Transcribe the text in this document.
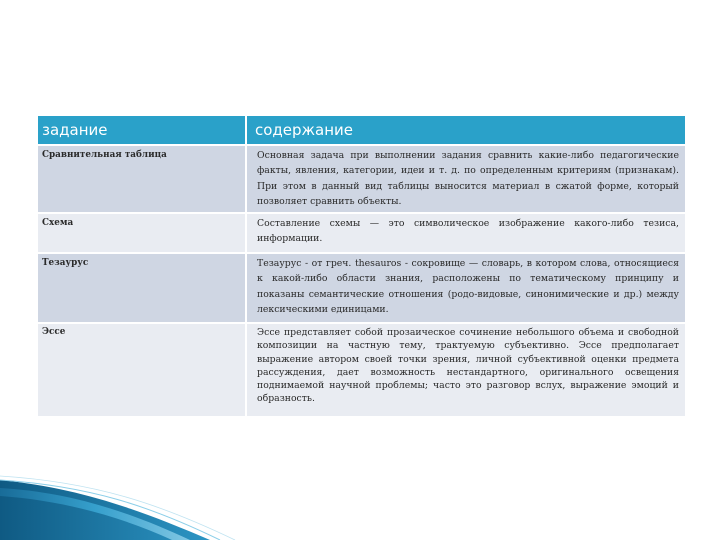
задание	содержание
Сравнительная таблица	Основная задача при выполнении задания сравнить какие-либо педагогические факты, явления, категории, идеи и т. д. по определенным критериям (признакам). При этом в данный вид таблицы выносится материал в сжатой форме, который позволяет сравнить объекты.
Схема	Составление схемы — это символическое изображение какого-либо тезиса, информации.
Тезаурус	Тезаурус - от греч. thesauros - сокровище — словарь, в котором слова, относящиеся к какой-либо области знания, расположены по тематическому принципу и показаны семантические отношения (родо-видовые, синонимические и др.) между лексическими единицами.
Эссе	Эссе представляет собой прозаическое сочинение небольшого объема и свободной композиции на частную тему, трактуемую субъективно. Эссе предполагает выражение автором своей точки зрения, личной субъективной оценки предмета рассуждения, дает возможность нестандартного, оригинального освещения поднимаемой научной проблемы; часто это разговор вслух, выражение эмоций и образность.
